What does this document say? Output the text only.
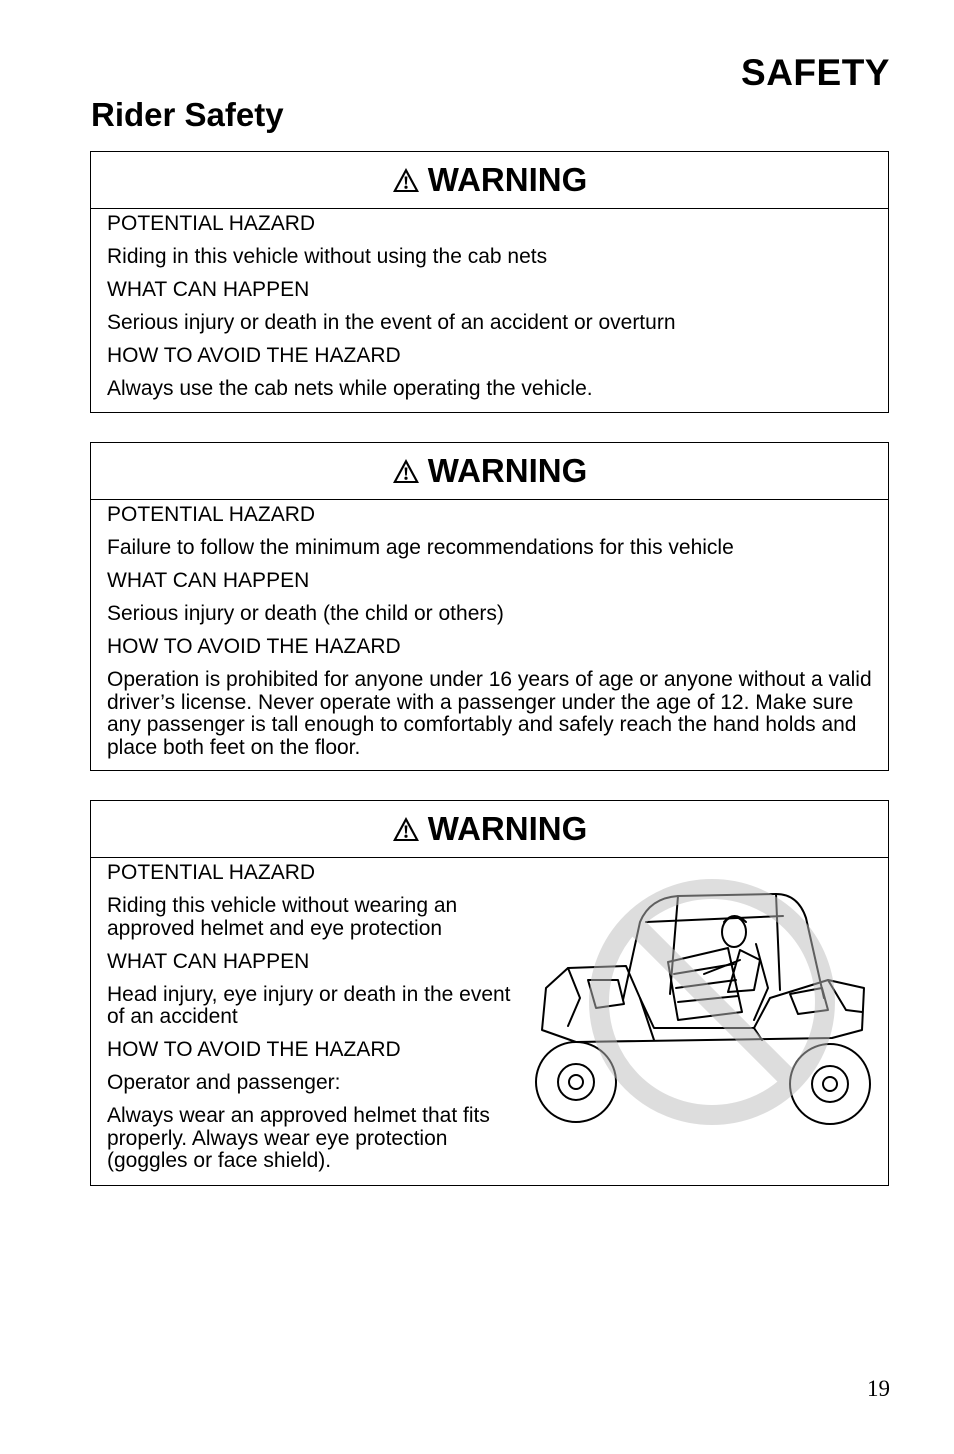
SAFETY
Rider Safety
WARNING

POTENTIAL HAZARD

Riding in this vehicle without using the cab nets

WHAT CAN HAPPEN

Serious injury or death in the event of an accident or overturn

HOW TO AVOID THE HAZARD

Always use the cab nets while operating the vehicle.

WARNING

POTENTIAL HAZARD

Failure to follow the minimum age recommendations for this vehicle

WHAT CAN HAPPEN

Serious injury or death (the child or others)

HOW TO AVOID THE HAZARD

Operation is prohibited for anyone under 16 years of age or anyone without a valid driver’s license. Never operate with a passenger under the age of 12. Make sure any passenger is tall enough to comfortably and safely reach the hand holds and place both feet on the floor.

WARNING

POTENTIAL HAZARD

Riding this vehicle without wearing an approved helmet and eye protection

WHAT CAN HAPPEN

Head injury, eye injury or death in the event of an accident

HOW TO AVOID THE HAZARD

Operator and passenger:

Always wear an approved helmet that fits properly. Always wear eye protection (goggles or face shield).

19
